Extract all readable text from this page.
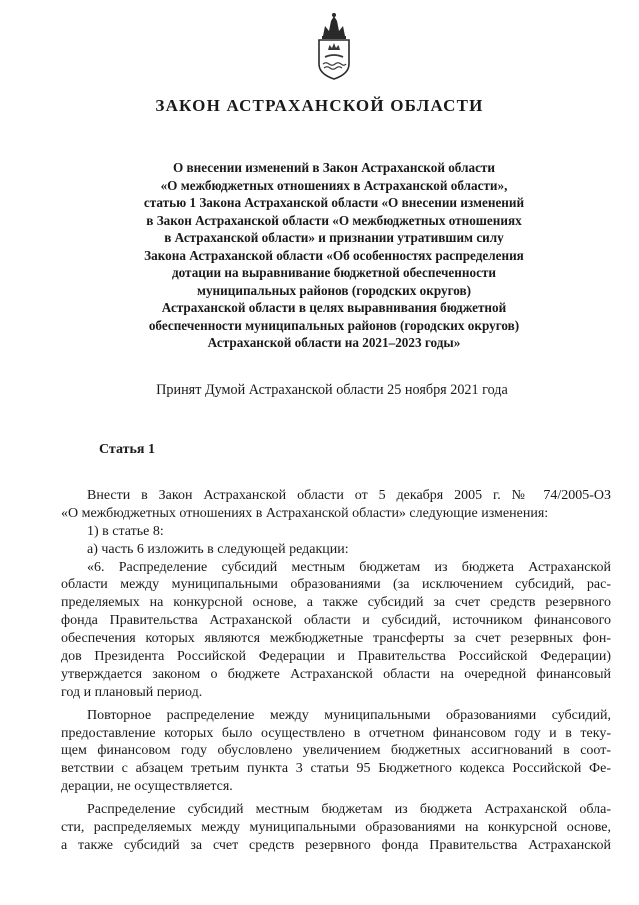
ЗАКОН АСТРАХАНСКОЙ ОБЛАСТИ
О внесении изменений в Закон Астраханской области
«О межбюджетных отношениях в Астраханской области»,
статью 1 Закона Астраханской области «О внесении изменений
в Закон Астраханской области «О межбюджетных отношениях
в Астраханской области» и признании утратившим силу
Закона Астраханской области «Об особенностях распределения
дотации на выравнивание бюджетной обеспеченности
муниципальных районов (городских округов)
Астраханской области в целях выравнивания бюджетной
обеспеченности муниципальных районов (городских округов)
Астраханской области на 2021–2023 годы»
Принят Думой Астраханской области 25 ноября 2021 года
Статья 1
Внести в Закон Астраханской области от 5 декабря 2005 г. № 74/2005-ОЗ
«О межбюджетных отношениях в Астраханской области» следующие изменения:
1) в статье 8:
а) часть 6 изложить в следующей редакции:
«6. Распределение субсидий местным бюджетам из бюджета Астраханской
области между муниципальными образованиями (за исключением субсидий, рас-
пределяемых на конкурсной основе, а также субсидий за счет средств резервного
фонда Правительства Астраханской области и субсидий, источником финансового
обеспечения которых являются межбюджетные трансферты за счет резервных фон-
дов Президента Российской Федерации и Правительства Российской Федерации)
утверждается законом о бюджете Астраханской области на очередной финансовый
год и плановый период.
Повторное распределение между муниципальными образованиями субсидий,
предоставление которых было осуществлено в отчетном финансовом году и в теку-
щем финансовом году обусловлено увеличением бюджетных ассигнований в соот-
ветствии с абзацем третьим пункта 3 статьи 95 Бюджетного кодекса Российской Фе-
дерации, не осуществляется.
Распределение субсидий местным бюджетам из бюджета Астраханской обла-
сти, распределяемых между муниципальными образованиями на конкурсной основе,
а также субсидий за счет средств резервного фонда Правительства Астраханской
